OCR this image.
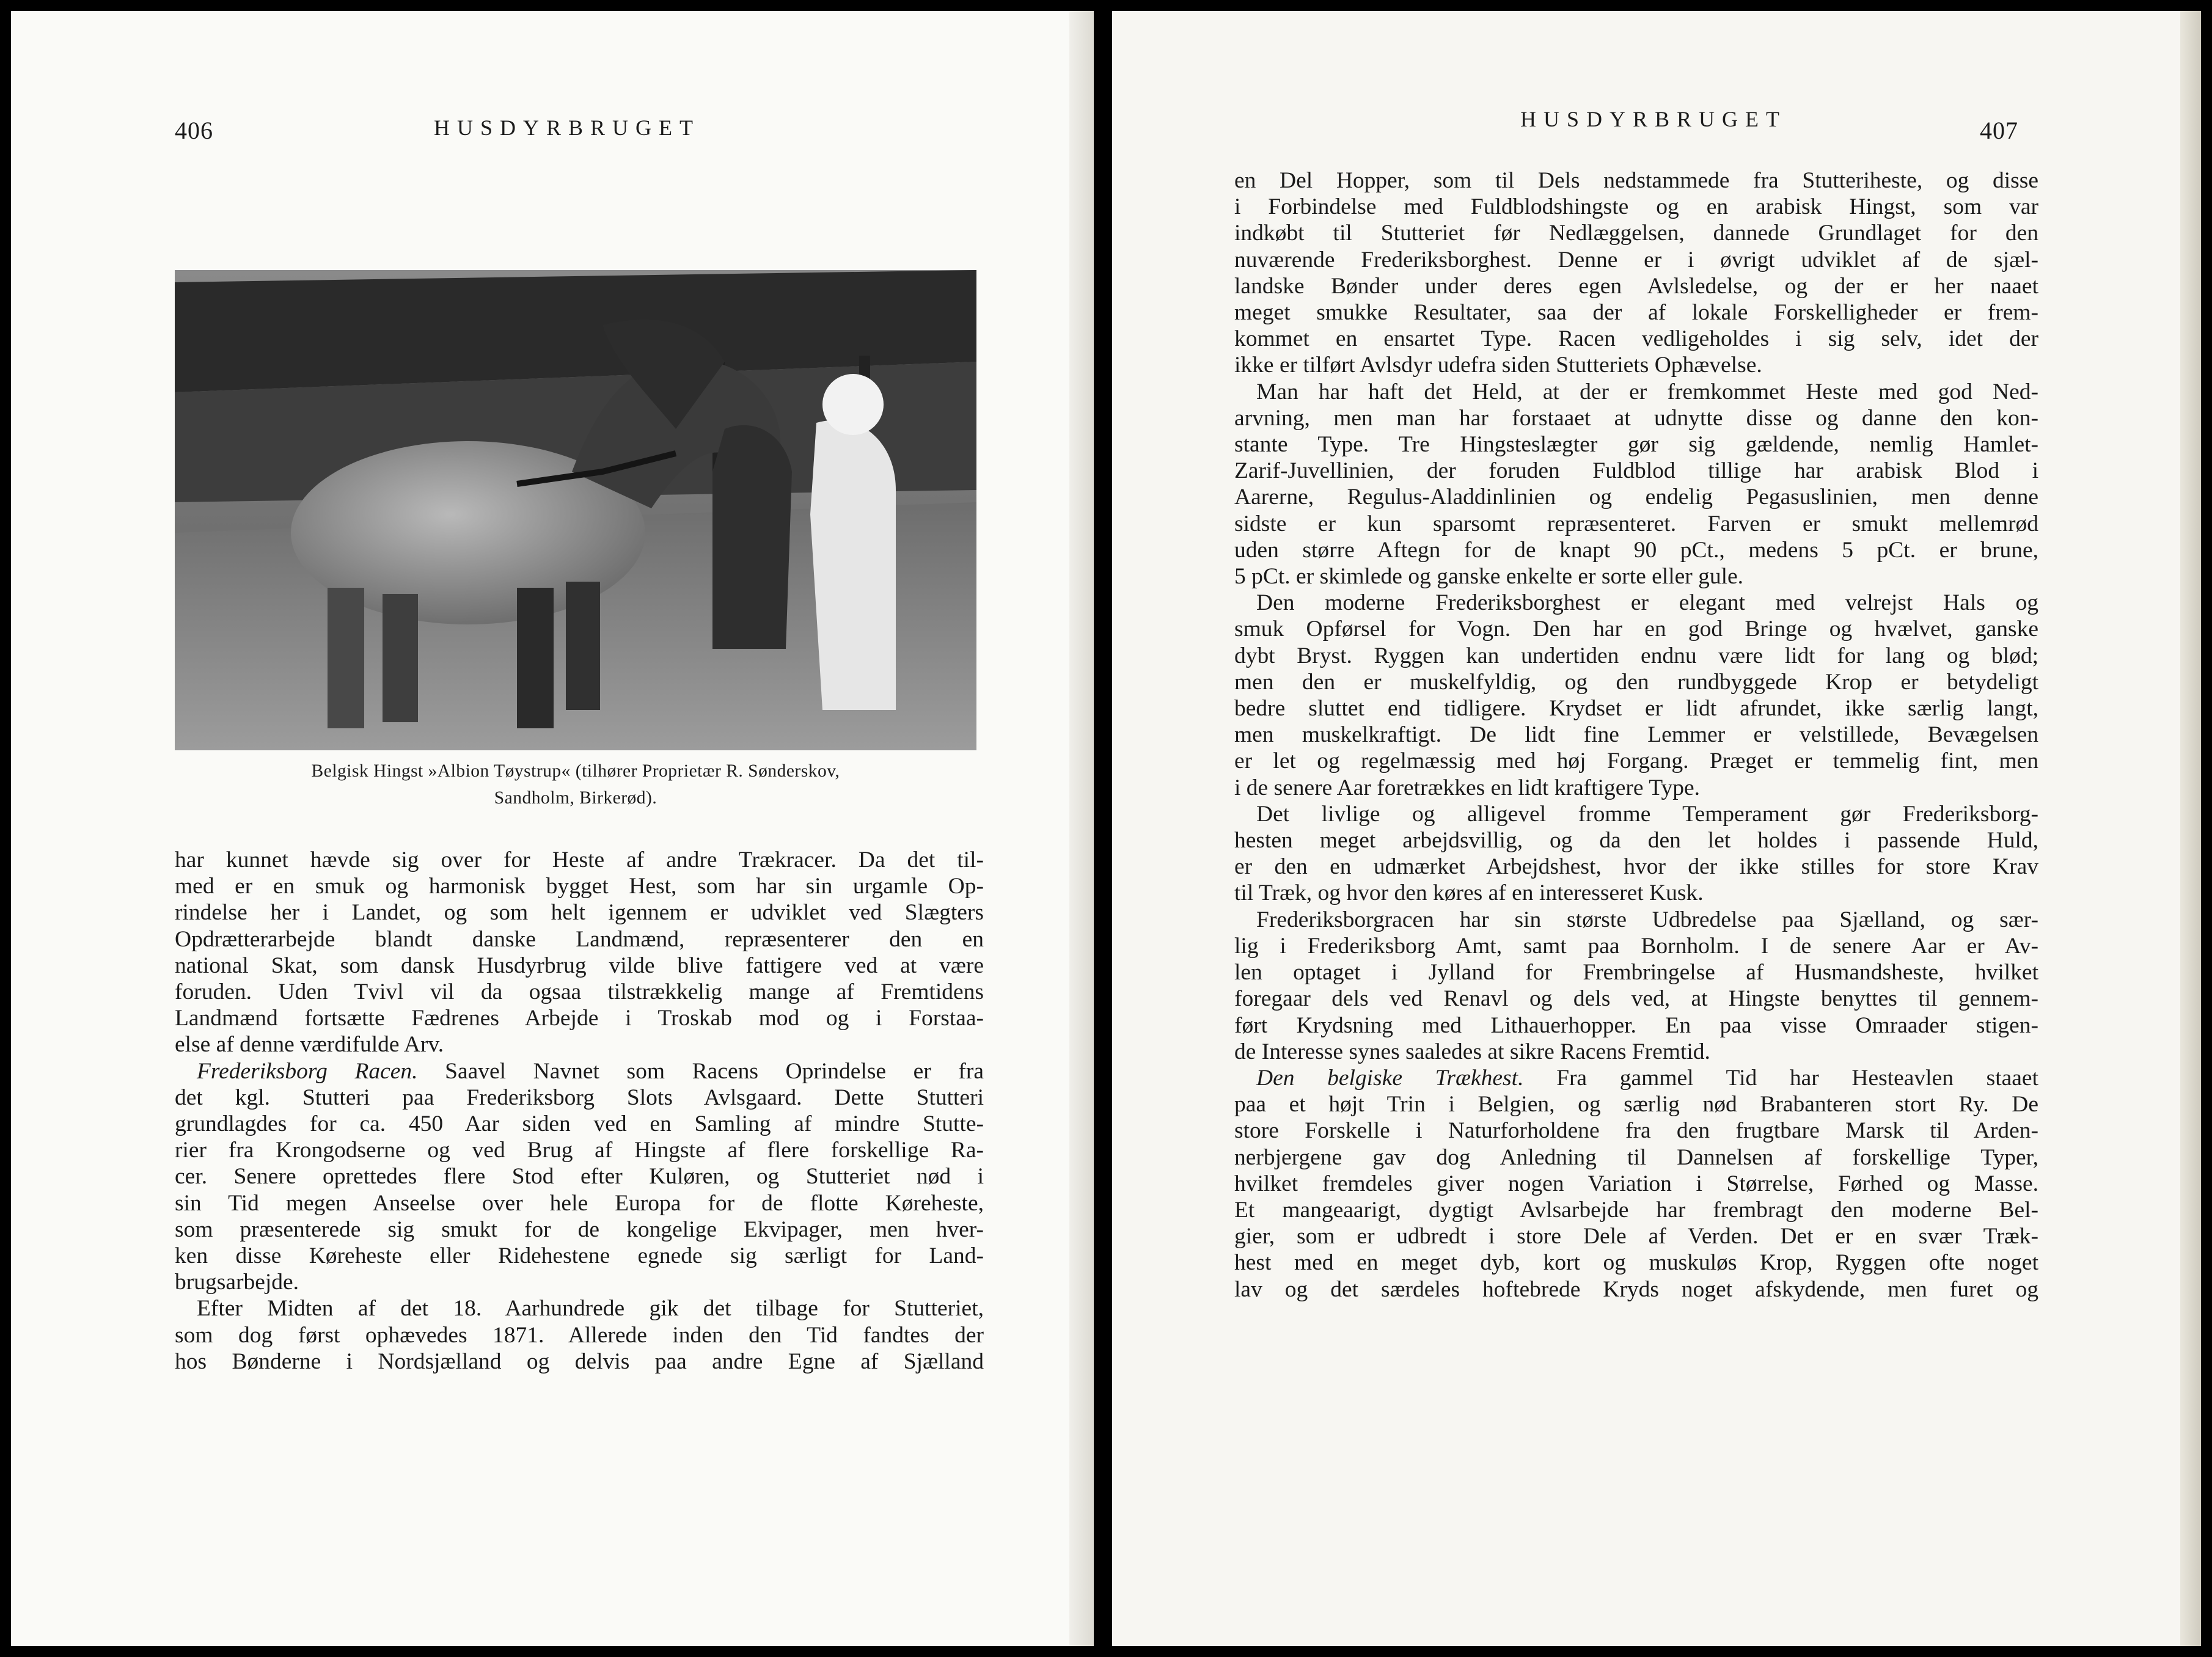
406	HUSDYRBRUGET
Belgisk Hingst »Albion Tøystrup« (tilhører Proprietær R. Sønderskov,
Sandholm, Birkerød).
har kunnet hævde sig over for Heste af andre Trækracer. Da det til-
med er en smuk og harmonisk bygget Hest, som har sin urgamle Op-
rindelse her i Landet, og som helt igennem er udviklet ved Slægters
Opdrætterarbejde blandt danske Landmænd, repræsenterer den en
national Skat, som dansk Husdyrbrug vilde blive fattigere ved at være
foruden. Uden Tvivl vil da ogsaa tilstrækkelig mange af Fremtidens
Landmænd fortsætte Fædrenes Arbejde i Troskab mod og i Forstaa-
else af denne værdifulde Arv.
Frederiksborg Racen. Saavel Navnet som Racens Oprindelse er fra
det kgl. Stutteri paa Frederiksborg Slots Avlsgaard. Dette Stutteri
grundlagdes for ca. 450 Aar siden ved en Samling af mindre Stutte-
rier fra Krongodserne og ved Brug af Hingste af flere forskellige Ra-
cer. Senere oprettedes flere Stod efter Kuløren, og Stutteriet nød i
sin Tid megen Anseelse over hele Europa for de flotte Køreheste,
som præsenterede sig smukt for de kongelige Ekvipager, men hver-
ken disse Køreheste eller Ridehestene egnede sig særligt for Land-
brugsarbejde.
Efter Midten af det 18. Aarhundrede gik det tilbage for Stutteriet,
som dog først ophævedes 1871. Allerede inden den Tid fandtes der
hos Bønderne i Nordsjælland og delvis paa andre Egne af Sjælland
HUSDYRBRUGET	407
en Del Hopper, som til Dels nedstammede fra Stutteriheste, og disse
i Forbindelse med Fuldblodshingste og en arabisk Hingst, som var
indkøbt til Stutteriet før Nedlæggelsen, dannede Grundlaget for den
nuværende Frederiksborghest. Denne er i øvrigt udviklet af de sjæl-
landske Bønder under deres egen Avlsledelse, og der er her naaet
meget smukke Resultater, saa der af lokale Forskelligheder er frem-
kommet en ensartet Type. Racen vedligeholdes i sig selv, idet der
ikke er tilført Avlsdyr udefra siden Stutteriets Ophævelse.
Man har haft det Held, at der er fremkommet Heste med god Ned-
arvning, men man har forstaaet at udnytte disse og danne den kon-
stante Type. Tre Hingsteslægter gør sig gældende, nemlig Hamlet-
Zarif-Juvellinien, der foruden Fuldblod tillige har arabisk Blod i
Aarerne, Regulus-Aladdinlinien og endelig Pegasuslinien, men denne
sidste er kun sparsomt repræsenteret. Farven er smukt mellemrød
uden større Aftegn for de knapt 90 pCt., medens 5 pCt. er brune,
5 pCt. er skimlede og ganske enkelte er sorte eller gule.
Den moderne Frederiksborghest er elegant med velrejst Hals og
smuk Opførsel for Vogn. Den har en god Bringe og hvælvet, ganske
dybt Bryst. Ryggen kan undertiden endnu være lidt for lang og blød;
men den er muskelfyldig, og den rundbyggede Krop er betydeligt
bedre sluttet end tidligere. Krydset er lidt afrundet, ikke særlig langt,
men muskelkraftigt. De lidt fine Lemmer er velstillede, Bevægelsen
er let og regelmæssig med høj Forgang. Præget er temmelig fint, men
i de senere Aar foretrækkes en lidt kraftigere Type.
Det livlige og alligevel fromme Temperament gør Frederiksborg-
hesten meget arbejdsvillig, og da den let holdes i passende Huld,
er den en udmærket Arbejdshest, hvor der ikke stilles for store Krav
til Træk, og hvor den køres af en interesseret Kusk.
Frederiksborgracen har sin største Udbredelse paa Sjælland, og sær-
lig i Frederiksborg Amt, samt paa Bornholm. I de senere Aar er Av-
len optaget i Jylland for Frembringelse af Husmandsheste, hvilket
foregaar dels ved Renavl og dels ved, at Hingste benyttes til gennem-
ført Krydsning med Lithauerhopper. En paa visse Omraader stigen-
de Interesse synes saaledes at sikre Racens Fremtid.
Den belgiske Trækhest. Fra gammel Tid har Hesteavlen staaet
paa et højt Trin i Belgien, og særlig nød Brabanteren stort Ry. De
store Forskelle i Naturforholdene fra den frugtbare Marsk til Arden-
nerbjergene gav dog Anledning til Dannelsen af forskellige Typer,
hvilket fremdeles giver nogen Variation i Størrelse, Førhed og Masse.
Et mangeaarigt, dygtigt Avlsarbejde har frembragt den moderne Bel-
gier, som er udbredt i store Dele af Verden. Det er en svær Træk-
hest med en meget dyb, kort og muskuløs Krop, Ryggen ofte noget
lav og det særdeles hoftebrede Kryds noget afskydende, men furet og
